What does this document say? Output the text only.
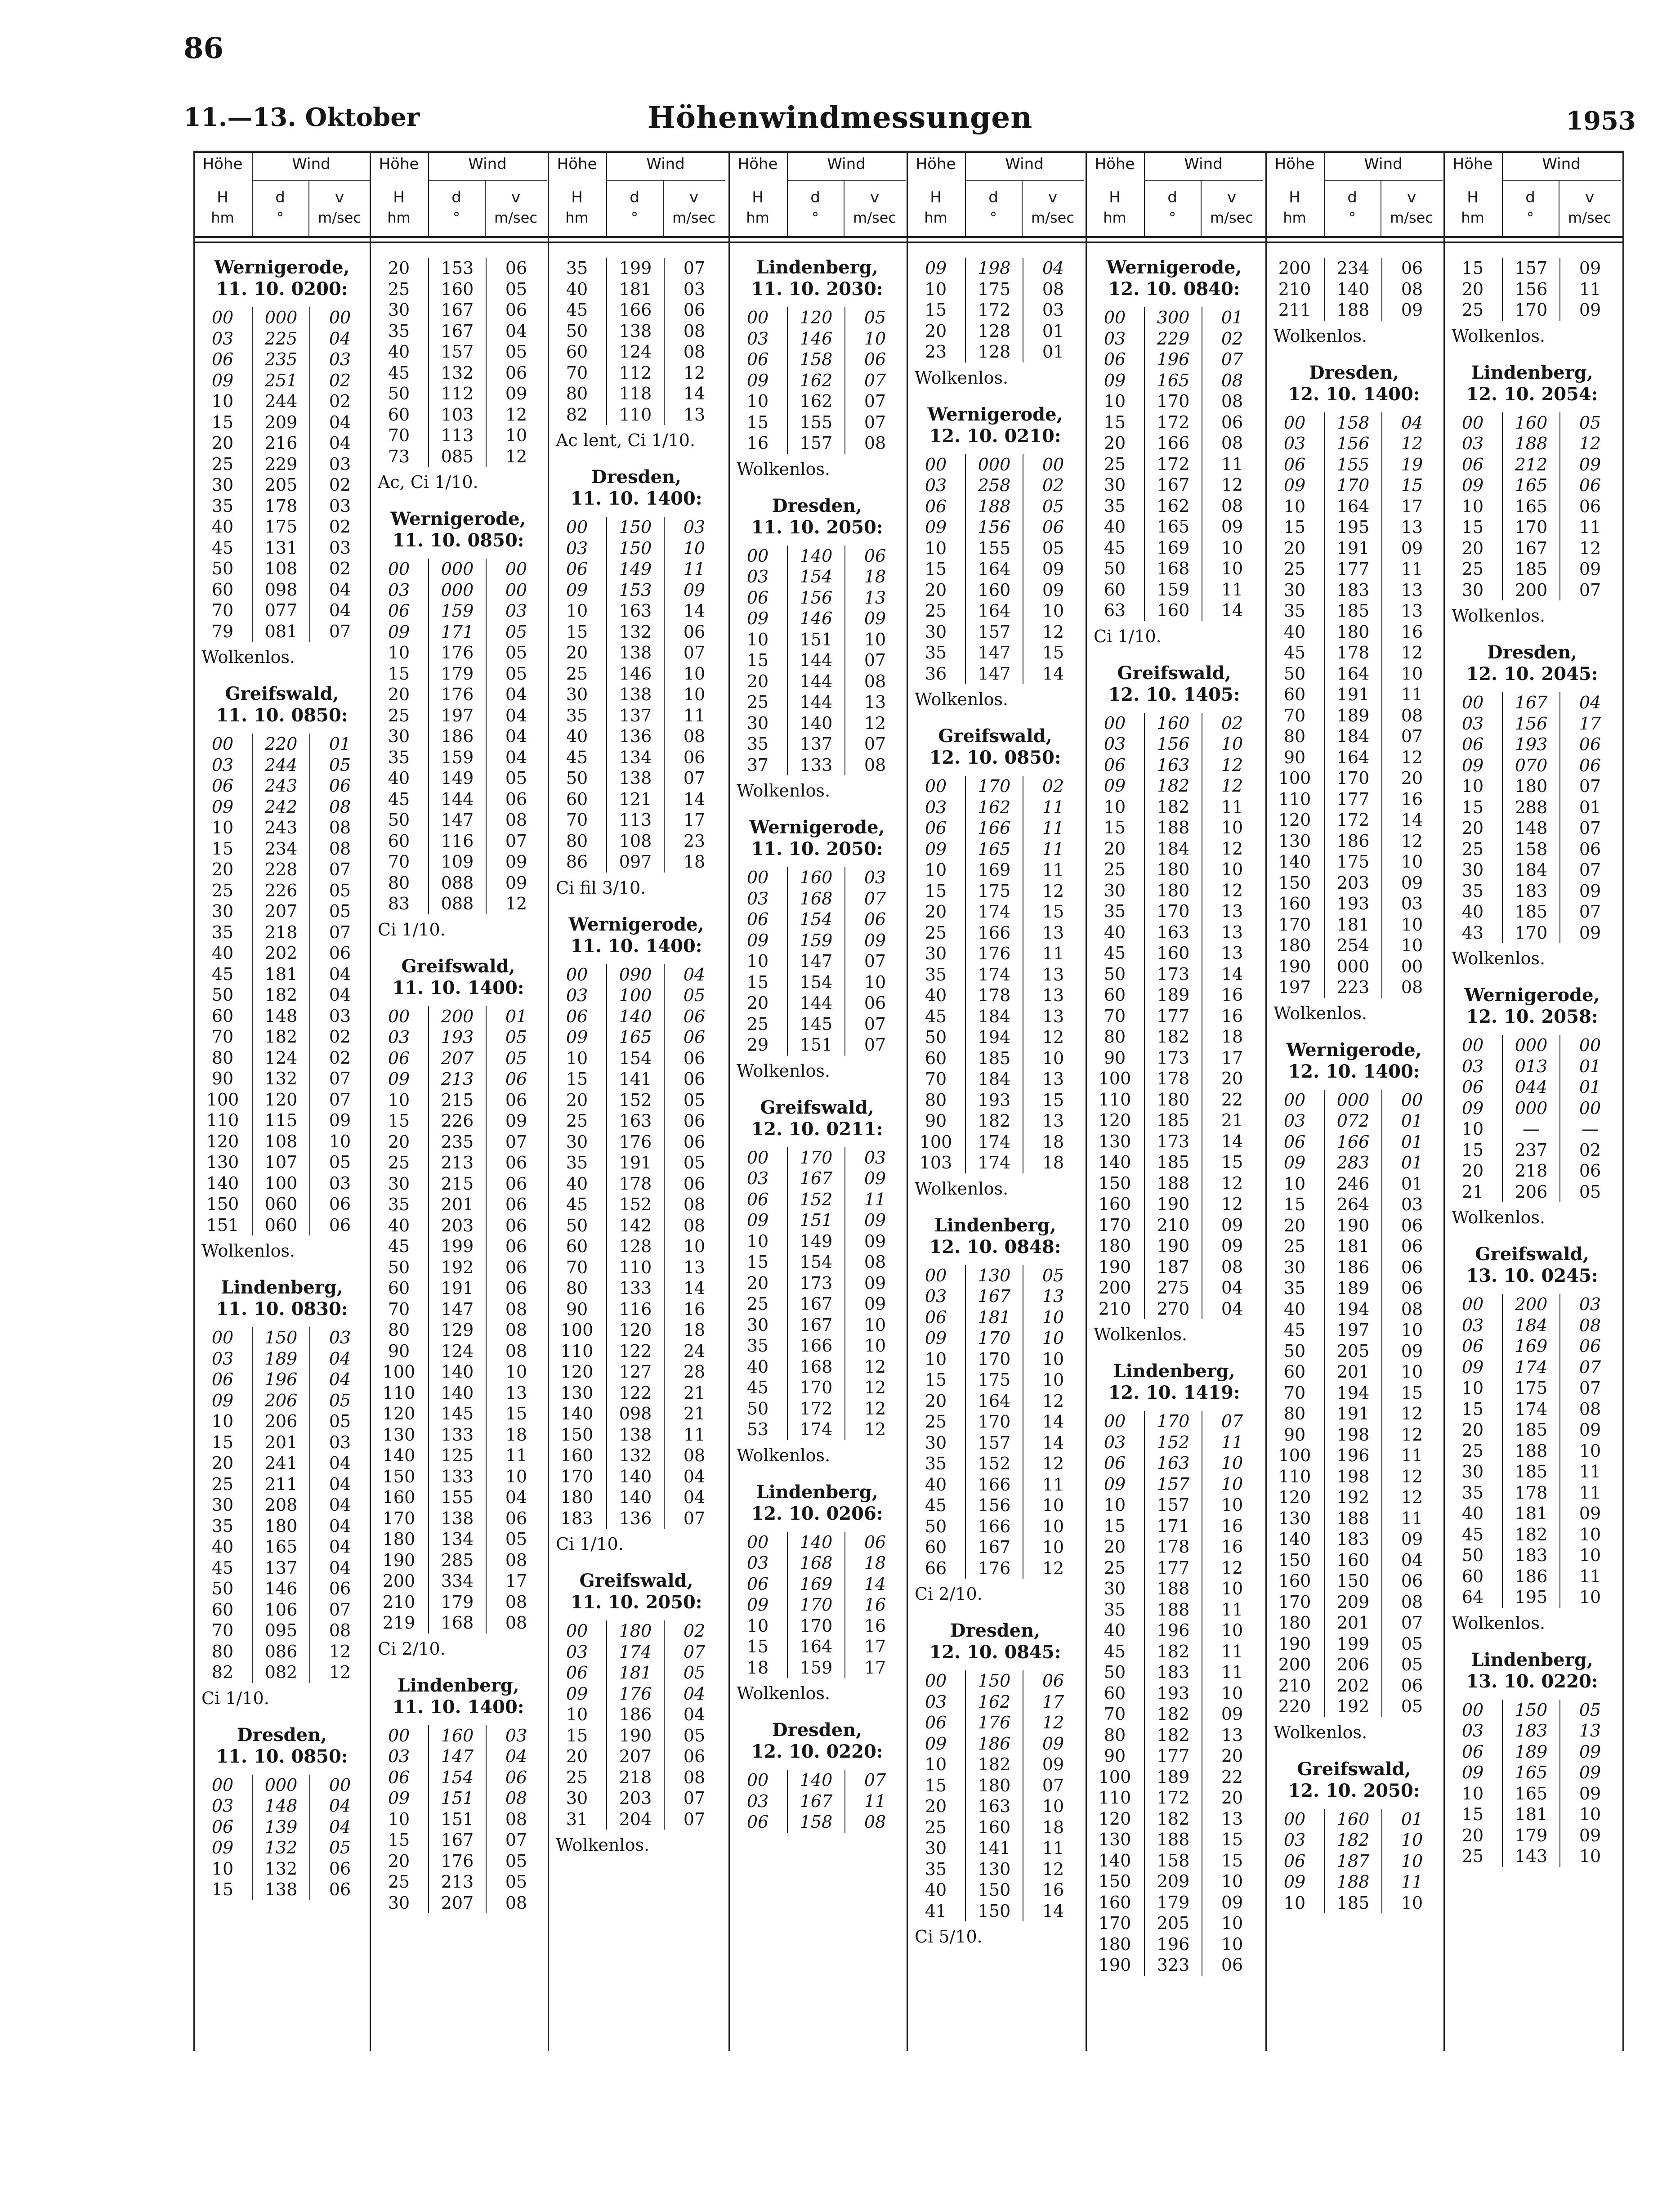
86
11.—13. Oktober	Höhenwindmessungen	1953
Höhe	Wind
H	d	v
hm	°	m/sec
Wernigerode,
11. 10. 0200:
00	000	00
03	225	04
06	235	03
09	251	02
10	244	02
15	209	04
20	216	04
25	229	03
30	205	02
35	178	03
40	175	02
45	131	03
50	108	02
60	098	04
70	077	04
79	081	07
Wolkenlos.
Greifswald,
11. 10. 0850:
00	220	01
03	244	05
06	243	06
09	242	08
10	243	08
15	234	08
20	228	07
25	226	05
30	207	05
35	218	07
40	202	06
45	181	04
50	182	04
60	148	03
70	182	02
80	124	02
90	132	07
100	120	07
110	115	09
120	108	10
130	107	05
140	100	03
150	060	06
151	060	06
Wolkenlos.
Lindenberg,
11. 10. 0830:
00	150	03
03	189	04
06	196	04
09	206	05
10	206	05
15	201	03
20	241	04
25	211	04
30	208	04
35	180	04
40	165	04
45	137	04
50	146	06
60	106	07
70	095	08
80	086	12
82	082	12
Ci 1/10.
Dresden,
11. 10. 0850:
00	000	00
03	148	04
06	139	04
09	132	05
10	132	06
15	138	06
Höhe	Wind
H	d	v
hm	°	m/sec
20	153	06
25	160	05
30	167	06
35	167	04
40	157	05
45	132	06
50	112	09
60	103	12
70	113	10
73	085	12
Ac, Ci 1/10.
Wernigerode,
11. 10. 0850:
00	000	00
03	000	00
06	159	03
09	171	05
10	176	05
15	179	05
20	176	04
25	197	04
30	186	04
35	159	04
40	149	05
45	144	06
50	147	08
60	116	07
70	109	09
80	088	09
83	088	12
Ci 1/10.
Greifswald,
11. 10. 1400:
00	200	01
03	193	05
06	207	05
09	213	06
10	215	06
15	226	09
20	235	07
25	213	06
30	215	06
35	201	06
40	203	06
45	199	06
50	192	06
60	191	06
70	147	08
80	129	08
90	124	08
100	140	10
110	140	13
120	145	15
130	133	18
140	125	11
150	133	10
160	155	04
170	138	06
180	134	05
190	285	08
200	334	17
210	179	08
219	168	08
Ci 2/10.
Lindenberg,
11. 10. 1400:
00	160	03
03	147	04
06	154	06
09	151	08
10	151	08
15	167	07
20	176	05
25	213	05
30	207	08
Höhe	Wind
H	d	v
hm	°	m/sec
35	199	07
40	181	03
45	166	06
50	138	08
60	124	08
70	112	12
80	118	14
82	110	13
Ac lent, Ci 1/10.
Dresden,
11. 10. 1400:
00	150	03
03	150	10
06	149	11
09	153	09
10	163	14
15	132	06
20	138	07
25	146	10
30	138	10
35	137	11
40	136	08
45	134	06
50	138	07
60	121	14
70	113	17
80	108	23
86	097	18
Ci fil 3/10.
Wernigerode,
11. 10. 1400:
00	090	04
03	100	05
06	140	06
09	165	06
10	154	06
15	141	06
20	152	05
25	163	06
30	176	06
35	191	05
40	178	06
45	152	08
50	142	08
60	128	10
70	110	13
80	133	14
90	116	16
100	120	18
110	122	24
120	127	28
130	122	21
140	098	21
150	138	11
160	132	08
170	140	04
180	140	04
183	136	07
Ci 1/10.
Greifswald,
11. 10. 2050:
00	180	02
03	174	07
06	181	05
09	176	04
10	186	04
15	190	05
20	207	06
25	218	08
30	203	07
31	204	07
Wolkenlos.
Höhe	Wind
H	d	v
hm	°	m/sec
Lindenberg,
11. 10. 2030:
00	120	05
03	146	10
06	158	06
09	162	07
10	162	07
15	155	07
16	157	08
Wolkenlos.
Dresden,
11. 10. 2050:
00	140	06
03	154	18
06	156	13
09	146	09
10	151	10
15	144	07
20	144	08
25	144	13
30	140	12
35	137	07
37	133	08
Wolkenlos.
Wernigerode,
11. 10. 2050:
00	160	03
03	168	07
06	154	06
09	159	09
10	147	07
15	154	10
20	144	06
25	145	07
29	151	07
Wolkenlos.
Greifswald,
12. 10. 0211:
00	170	03
03	167	09
06	152	11
09	151	09
10	149	09
15	154	08
20	173	09
25	167	09
30	167	10
35	166	10
40	168	12
45	170	12
50	172	12
53	174	12
Wolkenlos.
Lindenberg,
12. 10. 0206:
00	140	06
03	168	18
06	169	14
09	170	16
10	170	16
15	164	17
18	159	17
Wolkenlos.
Dresden,
12. 10. 0220:
00	140	07
03	167	11
06	158	08
Höhe	Wind
H	d	v
hm	°	m/sec
09	198	04
10	175	08
15	172	03
20	128	01
23	128	01
Wolkenlos.
Wernigerode,
12. 10. 0210:
00	000	00
03	258	02
06	188	05
09	156	06
10	155	05
15	164	09
20	160	09
25	164	10
30	157	12
35	147	15
36	147	14
Wolkenlos.
Greifswald,
12. 10. 0850:
00	170	02
03	162	11
06	166	11
09	165	11
10	169	11
15	175	12
20	174	15
25	166	13
30	176	11
35	174	13
40	178	13
45	184	13
50	194	12
60	185	10
70	184	13
80	193	15
90	182	13
100	174	18
103	174	18
Wolkenlos.
Lindenberg,
12. 10. 0848:
00	130	05
03	167	13
06	181	10
09	170	10
10	170	10
15	175	10
20	164	12
25	170	14
30	157	14
35	152	12
40	166	11
45	156	10
50	166	10
60	167	10
66	176	12
Ci 2/10.
Dresden,
12. 10. 0845:
00	150	06
03	162	17
06	176	12
09	186	09
10	182	09
15	180	07
20	163	10
25	160	18
30	141	11
35	130	12
40	150	16
41	150	14
Ci 5/10.
Höhe	Wind
H	d	v
hm	°	m/sec
Wernigerode,
12. 10. 0840:
00	300	01
03	229	02
06	196	07
09	165	08
10	170	08
15	172	06
20	166	08
25	172	11
30	167	12
35	162	08
40	165	09
45	169	10
50	168	10
60	159	11
63	160	14
Ci 1/10.
Greifswald,
12. 10. 1405:
00	160	02
03	156	10
06	163	12
09	182	12
10	182	11
15	188	10
20	184	12
25	180	10
30	180	12
35	170	13
40	163	13
45	160	13
50	173	14
60	189	16
70	177	16
80	182	18
90	173	17
100	178	20
110	180	22
120	185	21
130	173	14
140	185	15
150	188	12
160	190	12
170	210	09
180	190	09
190	187	08
200	275	04
210	270	04
Wolkenlos.
Lindenberg,
12. 10. 1419:
00	170	07
03	152	11
06	163	10
09	157	10
10	157	10
15	171	16
20	178	16
25	177	12
30	188	10
35	188	11
40	196	10
45	182	11
50	183	11
60	193	10
70	182	09
80	182	13
90	177	20
100	189	22
110	172	20
120	182	13
130	188	15
140	158	15
150	209	10
160	179	09
170	205	10
180	196	10
190	323	06
Höhe	Wind
H	d	v
hm	°	m/sec
200	234	06
210	140	08
211	188	09
Wolkenlos.
Dresden,
12. 10. 1400:
00	158	04
03	156	12
06	155	19
09	170	15
10	164	17
15	195	13
20	191	09
25	177	11
30	183	13
35	185	13
40	180	16
45	178	12
50	164	10
60	191	11
70	189	08
80	184	07
90	164	12
100	170	20
110	177	16
120	172	14
130	186	12
140	175	10
150	203	09
160	193	03
170	181	10
180	254	10
190	000	00
197	223	08
Wolkenlos.
Wernigerode,
12. 10. 1400:
00	000	00
03	072	01
06	166	01
09	283	01
10	246	01
15	264	03
20	190	06
25	181	06
30	186	06
35	189	06
40	194	08
45	197	10
50	205	09
60	201	10
70	194	15
80	191	12
90	198	12
100	196	11
110	198	12
120	192	12
130	188	11
140	183	09
150	160	04
160	150	06
170	209	08
180	201	07
190	199	05
200	206	05
210	202	06
220	192	05
Wolkenlos.
Greifswald,
12. 10. 2050:
00	160	01
03	182	10
06	187	10
09	188	11
10	185	10
Höhe	Wind
H	d	v
hm	°	m/sec
15	157	09
20	156	11
25	170	09
Wolkenlos.
Lindenberg,
12. 10. 2054:
00	160	05
03	188	12
06	212	09
09	165	06
10	165	06
15	170	11
20	167	12
25	185	09
30	200	07
Wolkenlos.
Dresden,
12. 10. 2045:
00	167	04
03	156	17
06	193	06
09	070	06
10	180	07
15	288	01
20	148	07
25	158	06
30	184	07
35	183	09
40	185	07
43	170	09
Wolkenlos.
Wernigerode,
12. 10. 2058:
00	000	00
03	013	01
06	044	01
09	000	00
10	—	—
15	237	02
20	218	06
21	206	05
Wolkenlos.
Greifswald,
13. 10. 0245:
00	200	03
03	184	08
06	169	06
09	174	07
10	175	07
15	174	08
20	185	09
25	188	10
30	185	11
35	178	11
40	181	09
45	182	10
50	183	10
60	186	11
64	195	10
Wolkenlos.
Lindenberg,
13. 10. 0220:
00	150	05
03	183	13
06	189	09
09	165	09
10	165	09
15	181	10
20	179	09
25	143	10
